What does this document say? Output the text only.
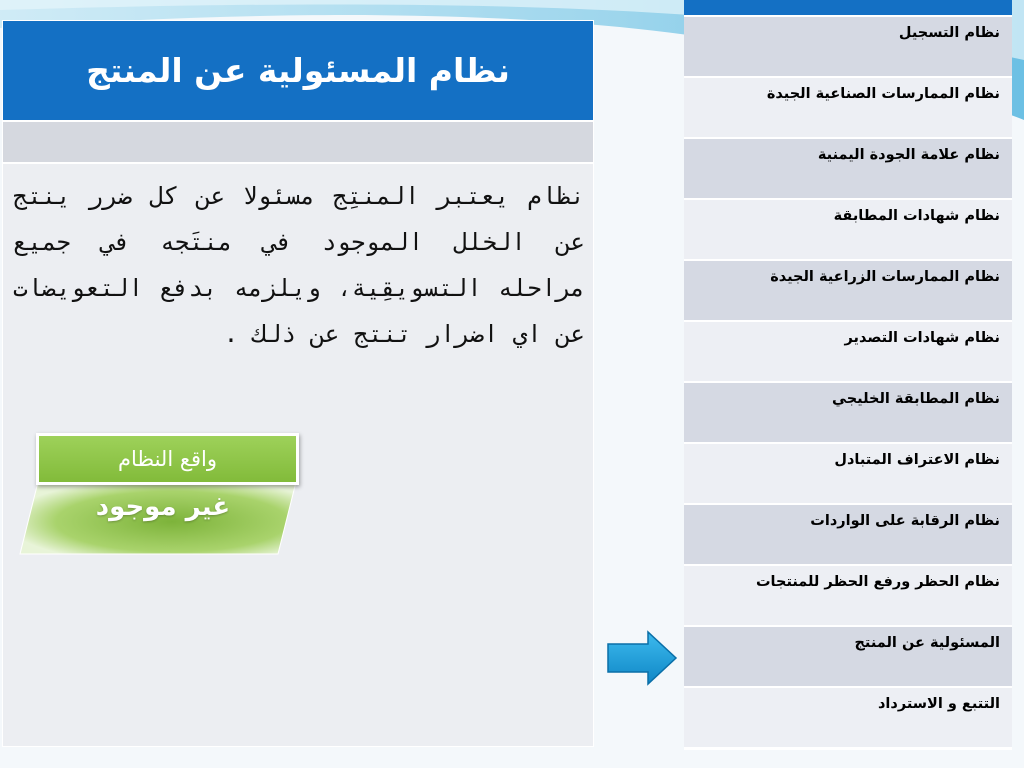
نظام المسئولية عن المنتج
نظام يعتبر المنتِج مسئولا عن كل ضرر ينتج عن الخلل الموجود في منتَجه في جميع مراحله التسويقِية، ويلزمه بدفع التعويضات عن اي اضرار تنتج عن ذلك .
واقع النظام
غير موجود
نظام التسجيل
نظام الممارسات الصناعية الجيدة
نظام علامة الجودة اليمنية
نظام شهادات المطابقة
نظام الممارسات الزراعية الجيدة
نظام شهادات التصدير
نظام المطابقة الخليجي
نظام الاعتراف المتبادل
نظام الرقابة على الواردات
نظام الحظر ورفع الحظر للمنتجات
المسئولية عن المنتج
التتبع و الاسترداد
